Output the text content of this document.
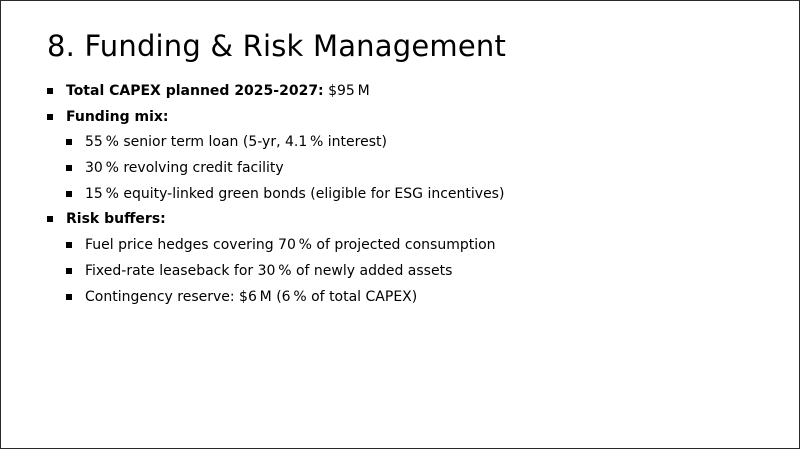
8. Funding & Risk Management
Total CAPEX planned 2025-2027: $95 M
Funding mix:
55 % senior term loan (5-yr, 4.1 % interest)
30 % revolving credit facility
15 % equity-linked green bonds (eligible for ESG incentives)
Risk buffers:
Fuel price hedges covering 70 % of projected consumption
Fixed-rate leaseback for 30 % of newly added assets
Contingency reserve: $6 M (6 % of total CAPEX)
